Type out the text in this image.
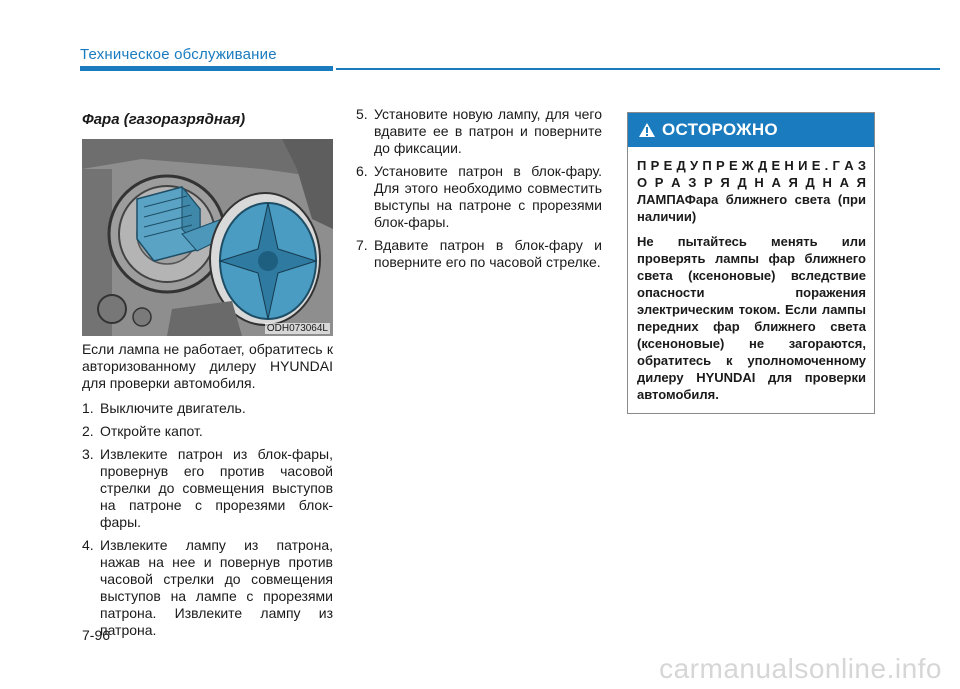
Техническое обслуживание
Фара (газоразрядная)
ODH073064L

Если лампа не работает, обратитесь к авторизованному дилеру HYUNDAI для проверки автомобиля.

1. Выключите двигатель.
2. Откройте капот.
3. Извлеките патрон из блок-фары, провернув его против часовой стрелки до совмещения выступов на патроне с прорезями блок-фары.
4. Извлеките лампу из патрона, нажав на нее и повернув против часовой стрелки до совмещения выступов на лампе с прорезями патрона. Извлеките лампу из патрона.
5. Установите новую лампу, для чего вдавите ее в патрон и поверните до фиксации.
6. Установите патрон в блок-фару. Для этого необходимо совместить выступы на патроне с прорезями блок-фары.
7. Вдавите патрон в блок-фару и поверните его по часовой стрелке.
ОСТОРОЖНО

П Р Е Д У П Р Е Ж Д Е Н И Е . Г А З О Р А З Р Я Д Н А Я Д Н А Я ЛАМПАФара ближнего света (при наличии)

Не пытайтесь менять или проверять лампы фар ближнего света (ксеноновые) вследствие опасности поражения электрическим током. Если лампы передних фар ближнего света (ксеноновые) не загораются, обратитесь к уполномоченному дилеру HYUNDAI для проверки автомобиля.

7-96
carmanualsonline.info
